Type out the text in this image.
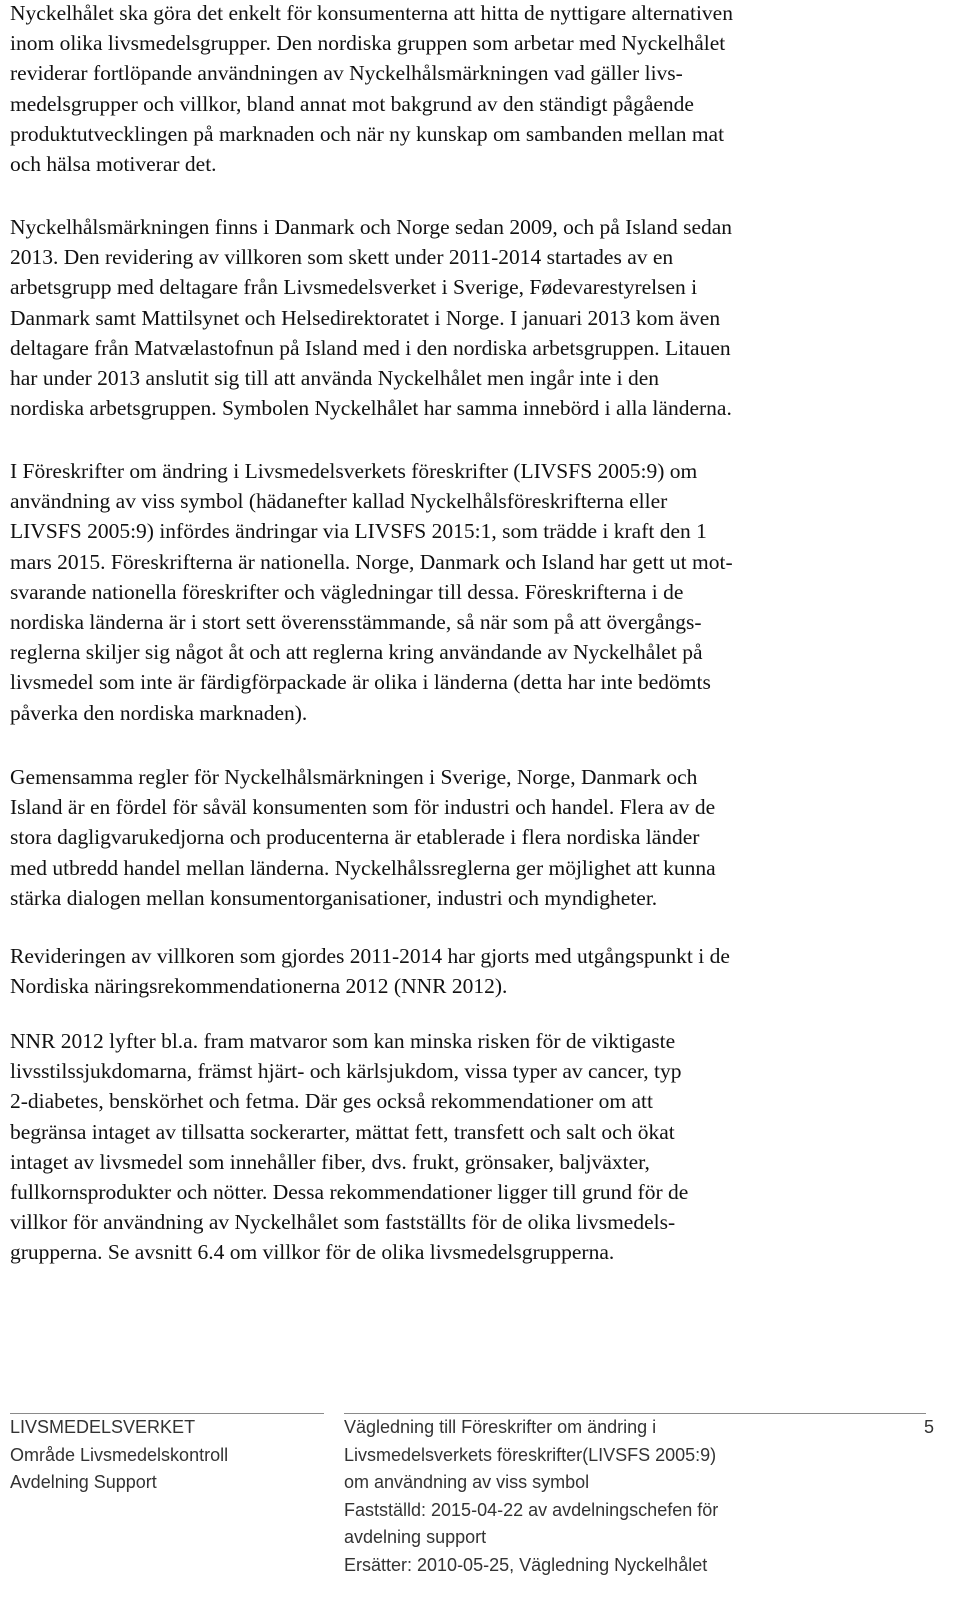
Nyckelhålet ska göra det enkelt för konsumenterna att hitta de nyttigare alternativen
inom olika livsmedelsgrupper. Den nordiska gruppen som arbetar med Nyckelhålet
reviderar fortlöpande användningen av Nyckelhålsmärkningen vad gäller livs-
medelsgrupper och villkor, bland annat mot bakgrund av den ständigt pågående
produktutvecklingen på marknaden och när ny kunskap om sambanden mellan mat
och hälsa motiverar det.

Nyckelhålsmärkningen finns i Danmark och Norge sedan 2009, och på Island sedan
2013. Den revidering av villkoren som skett under 2011-2014 startades av en
arbetsgrupp med deltagare från Livsmedelsverket i Sverige, Fødevarestyrelsen i
Danmark samt Mattilsynet och Helsedirektoratet i Norge. I januari 2013 kom även
deltagare från Matvælastofnun på Island med i den nordiska arbetsgruppen. Litauen
har under 2013 anslutit sig till att använda Nyckelhålet men ingår inte i den
nordiska arbetsgruppen. Symbolen Nyckelhålet har samma innebörd i alla länderna.

I Föreskrifter om ändring i Livsmedelsverkets föreskrifter (LIVSFS 2005:9) om
användning av viss symbol (hädanefter kallad Nyckelhålsföreskrifterna eller
LIVSFS 2005:9) infördes ändringar via LIVSFS 2015:1, som trädde i kraft den 1
mars 2015. Föreskrifterna är nationella. Norge, Danmark och Island har gett ut mot-
svarande nationella föreskrifter och vägledningar till dessa. Föreskrifterna i de
nordiska länderna är i stort sett överensstämmande, så när som på att övergångs-
reglerna skiljer sig något åt och att reglerna kring användande av Nyckelhålet på
livsmedel som inte är färdigförpackade är olika i länderna (detta har inte bedömts
påverka den nordiska marknaden).

Gemensamma regler för Nyckelhålsmärkningen i Sverige, Norge, Danmark och
Island är en fördel för såväl konsumenten som för industri och handel. Flera av de
stora dagligvarukedjorna och producenterna är etablerade i flera nordiska länder
med utbredd handel mellan länderna. Nyckelhålssreglerna ger möjlighet att kunna
stärka dialogen mellan konsumentorganisationer, industri och myndigheter.

Revideringen av villkoren som gjordes 2011-2014 har gjorts med utgångspunkt i de
Nordiska näringsrekommendationerna 2012 (NNR 2012).

NNR 2012 lyfter bl.a. fram matvaror som kan minska risken för de viktigaste
livsstilssjukdomarna, främst hjärt- och kärlsjukdom, vissa typer av cancer, typ
2-diabetes, benskörhet och fetma. Där ges också rekommendationer om att
begränsa intaget av tillsatta sockerarter, mättat fett, transfett och salt och ökat
intaget av livsmedel som innehåller fiber, dvs. frukt, grönsaker, baljväxter,
fullkornsprodukter och nötter. Dessa rekommendationer ligger till grund för de
villkor för användning av Nyckelhålet som fastställts för de olika livsmedels-
grupperna. Se avsnitt 6.4 om villkor för de olika livsmedelsgrupperna.

LIVSMEDELSVERKET
Område Livsmedelskontroll
Avdelning Support
Vägledning till Föreskrifter om ändring i
Livsmedelsverkets föreskrifter(LIVSFS 2005:9)
om användning av viss symbol
Fastställd: 2015-04-22 av avdelningschefen för
avdelning support
Ersätter: 2010-05-25, Vägledning Nyckelhålet
5
